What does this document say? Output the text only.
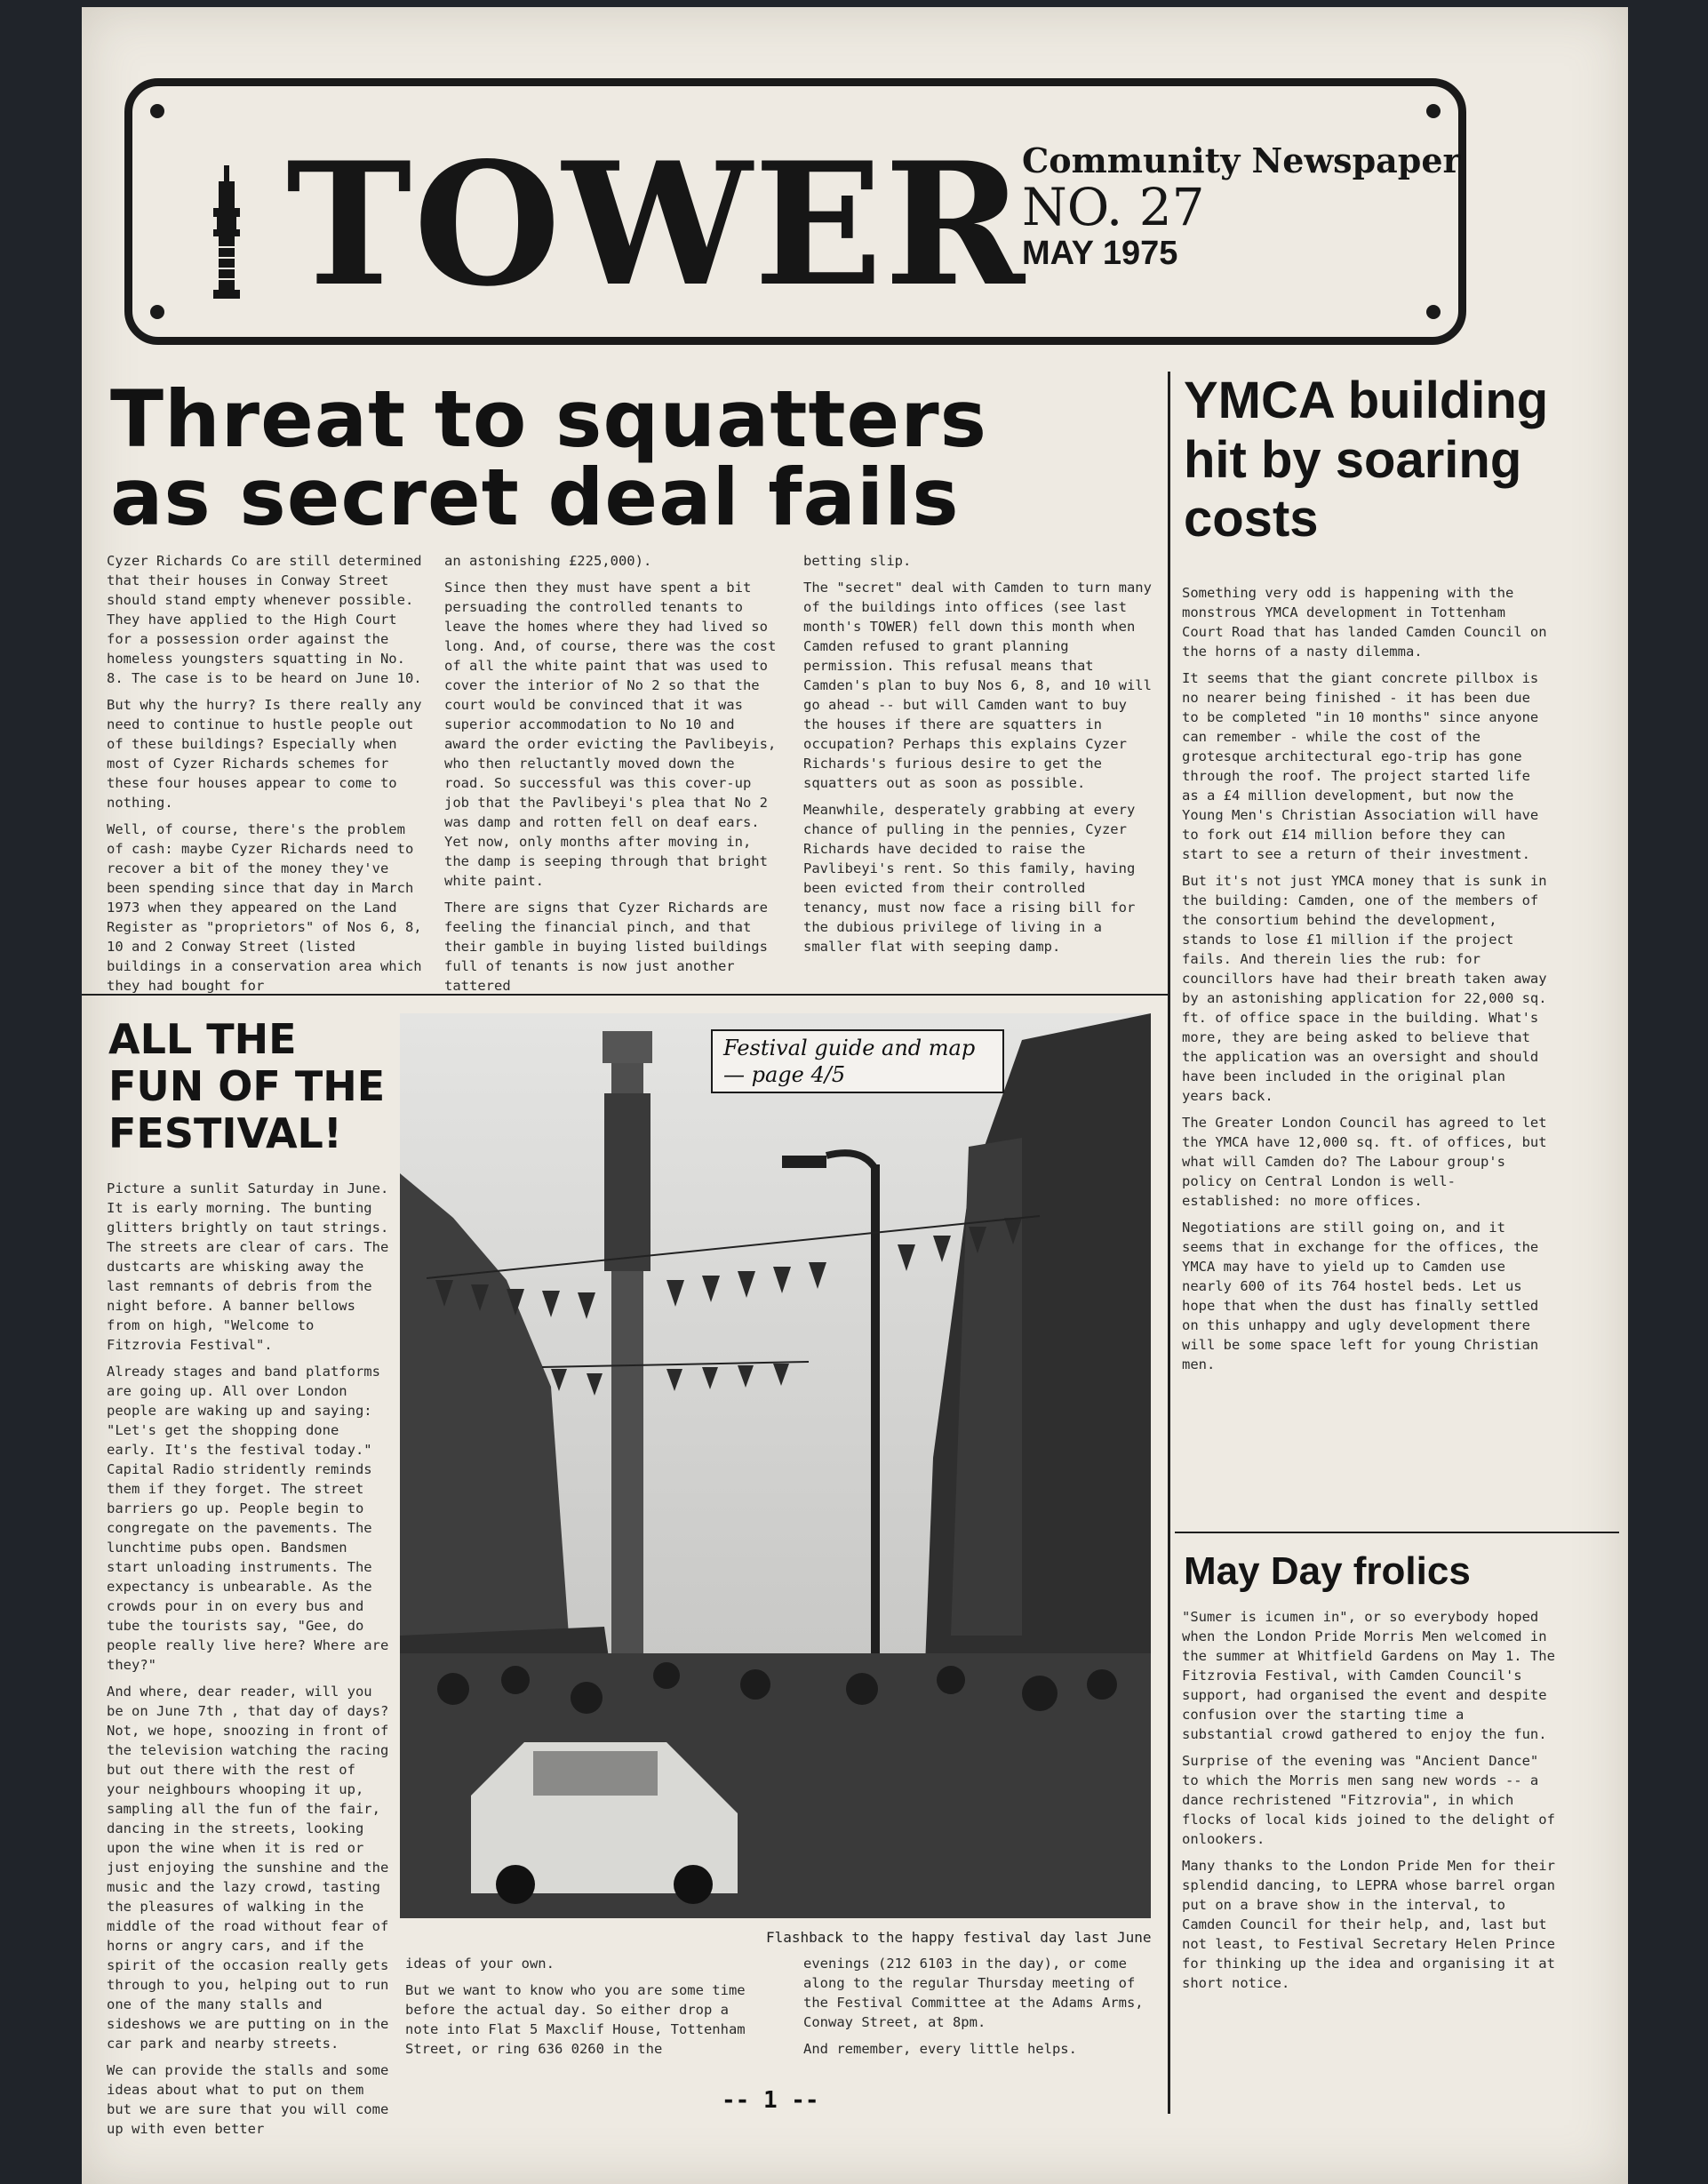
TOWER
Community Newspaper
NO. 27
MAY 1975
Threat to squatters
as secret deal fails

Cyzer Richards Co are still determined that their houses in Conway Street should stand empty whenever possible. They have applied to the High Court for a possession order against the homeless youngsters squatting in No. 8. The case is to be heard on June 10.

But why the hurry? Is there really any need to continue to hustle people out of these buildings? Especially when most of Cyzer Richards schemes for these four houses appear to come to nothing.

Well, of course, there's the problem of cash: maybe Cyzer Richards need to recover a bit of the money they've been spending since that day in March 1973 when they appeared on the Land Register as "proprietors" of Nos 6, 8, 10 and 2 Conway Street (listed buildings in a conservation area which they had bought for

an astonishing £225,000).

Since then they must have spent a bit persuading the controlled tenants to leave the homes where they had lived so long. And, of course, there was the cost of all the white paint that was used to cover the interior of No 2 so that the court would be convinced that it was superior accommodation to No 10 and award the order evicting the Pavlibeyis, who then reluctantly moved down the road. So successful was this cover-up job that the Pavlibeyi's plea that No 2 was damp and rotten fell on deaf ears. Yet now, only months after moving in, the damp is seeping through that bright white paint.

There are signs that Cyzer Richards are feeling the financial pinch, and that their gamble in buying listed buildings full of tenants is now just another tattered

betting slip.

The "secret" deal with Camden to turn many of the buildings into offices (see last month's TOWER) fell down this month when Camden refused to grant planning permission. This refusal means that Camden's plan to buy Nos 6, 8, and 10 will go ahead -- but will Camden want to buy the houses if there are squatters in occupation? Perhaps this explains Cyzer Richards's furious desire to get the squatters out as soon as possible.

Meanwhile, desperately grabbing at every chance of pulling in the pennies, Cyzer Richards have decided to raise the Pavlibeyi's rent. So this family, having been evicted from their controlled tenancy, must now face a rising bill for the dubious privilege of living in a smaller flat with seeping damp.

YMCA building hit by soaring costs

Something very odd is happening with the monstrous YMCA development in Tottenham Court Road that has landed Camden Council on the horns of a nasty dilemma.

It seems that the giant concrete pillbox is no nearer being finished - it has been due to be completed "in 10 months" since anyone can remember - while the cost of the grotesque architectural ego-trip has gone through the roof. The project started life as a £4 million development, but now the Young Men's Christian Association will have to fork out £14 million before they can start to see a return of their investment.

But it's not just YMCA money that is sunk in the building: Camden, one of the members of the consortium behind the development, stands to lose £1 million if the project fails. And therein lies the rub: for councillors have had their breath taken away by an astonishing application for 22,000 sq. ft. of office space in the building. What's more, they are being asked to believe that the application was an oversight and should have been included in the original plan years back.

The Greater London Council has agreed to let the YMCA have 12,000 sq. ft. of offices, but what will Camden do? The Labour group's policy on Central London is well-established: no more offices.

Negotiations are still going on, and it seems that in exchange for the offices, the YMCA may have to yield up to Camden use nearly 600 of its 764 hostel beds. Let us hope that when the dust has finally settled on this unhappy and ugly development there will be some space left for young Christian men.

ALL THE FUN OF THE FESTIVAL!

Picture a sunlit Saturday in June. It is early morning. The bunting glitters brightly on taut strings. The streets are clear of cars. The dustcarts are whisking away the last remnants of debris from the night before. A banner bellows from on high, "Welcome to Fitzrovia Festival".

Already stages and band platforms are going up. All over London people are waking up and saying: "Let's get the shopping done early. It's the festival today." Capital Radio stridently reminds them if they forget. The street barriers go up. People begin to congregate on the pavements. The lunchtime pubs open. Bandsmen start unloading instruments. The expectancy is unbearable. As the crowds pour in on every bus and tube the tourists say, "Gee, do people really live here? Where are they?"

And where, dear reader, will you be on June 7th , that day of days? Not, we hope, snoozing in front of the television watching the racing but out there with the rest of your neighbours whooping it up, sampling all the fun of the fair, dancing in the streets, looking upon the wine when it is red or just enjoying the sunshine and the music and the lazy crowd, tasting the pleasures of walking in the middle of the road without fear of horns or angry cars, and if the spirit of the occasion really gets through to you, helping out to run one of the many stalls and sideshows we are putting on in the car park and nearby streets.

We can provide the stalls and some ideas about what to put on them but we are sure that you will come up with even better

Festival guide and map — page 4/5
Flashback to the happy festival day last June

ideas of your own.

But we want to know who you are some time before the actual day. So either drop a note into Flat 5 Maxclif House, Tottenham Street, or ring 636 0260 in the

evenings (212 6103 in the day), or come along to the regular Thursday meeting of the Festival Committee at the Adams Arms, Conway Street, at 8pm.

And remember, every little helps.

May Day frolics

"Sumer is icumen in", or so everybody hoped when the London Pride Morris Men welcomed in the summer at Whitfield Gardens on May 1. The Fitzrovia Festival, with Camden Council's support, had organised the event and despite confusion over the starting time a substantial crowd gathered to enjoy the fun.

Surprise of the evening was "Ancient Dance" to which the Morris men sang new words -- a dance rechristened "Fitzrovia", in which flocks of local kids joined to the delight of onlookers.

Many thanks to the London Pride Men for their splendid dancing, to LEPRA whose barrel organ put on a brave show in the interval, to Camden Council for their help, and, last but not least, to Festival Secretary Helen Prince for thinking up the idea and organising it at short notice.

-- 1 --
